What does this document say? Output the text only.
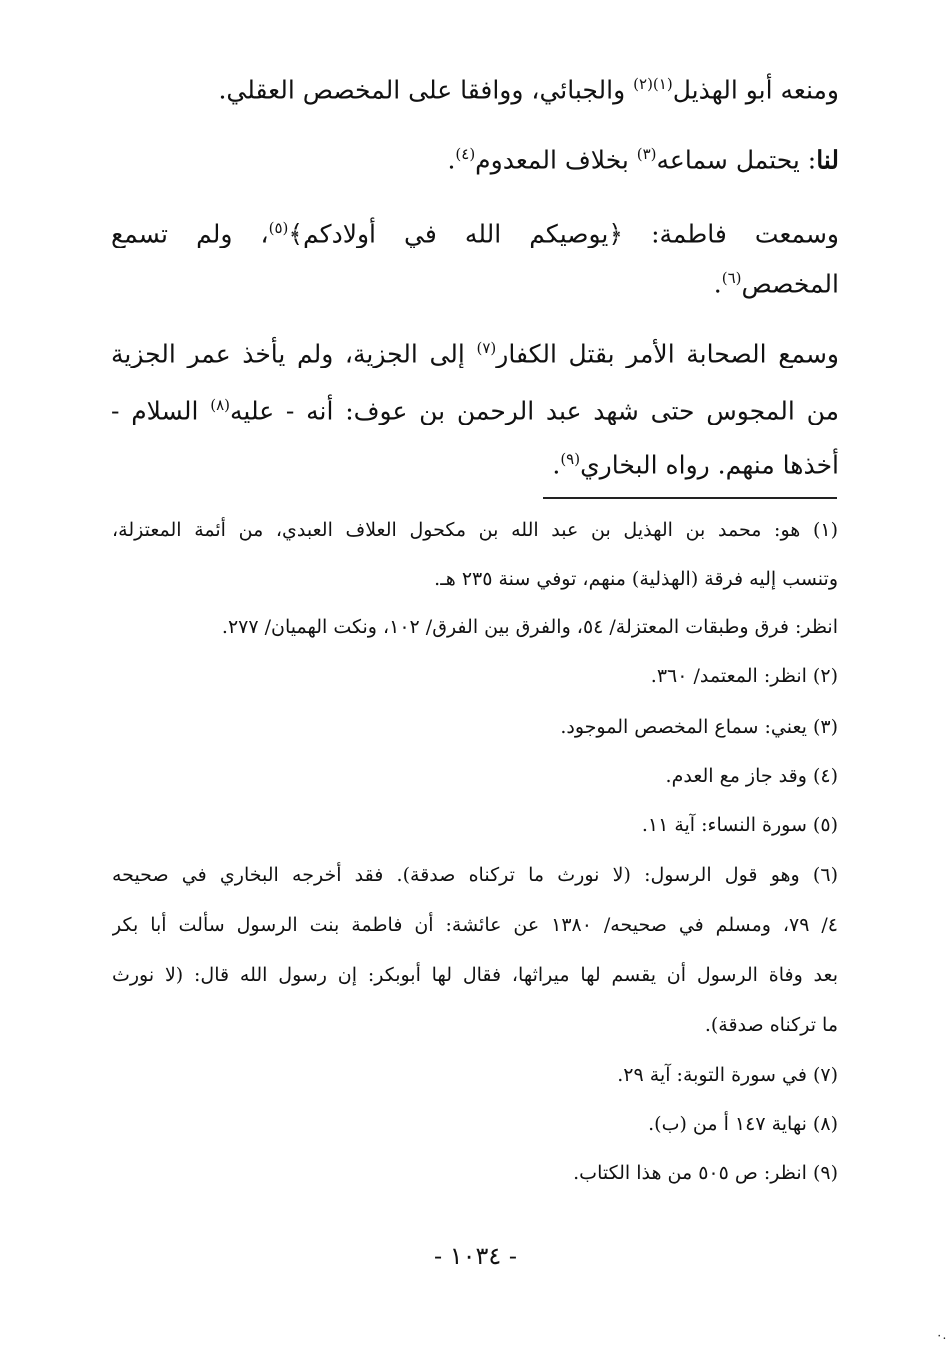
ومنعه أبو الهذيل$^{(١)(٢)}$ والجبائي، ووافقا على المخصص العقلي.
لنا: يحتمل سماعه$^{(٣)}$ بخلاف المعدوم$^{(٤)}$.
وسمعت فاطمة: ﴿يوصيكم الله في أولادكم﴾$^{(٥)}$، ولم تسمع
المخصص$^{(٦)}$.
وسمع الصحابة الأمر بقتل الكفار$^{(٧)}$ إلى الجزية، ولم يأخذ عمر الجزية
من المجوس حتى شهد عبد الرحمن بن عوف: أنه - عليه$^{(٨)}$ السلام -
أخذها منهم. رواه البخاري$^{(٩)}$.
(١) هو: محمد بن الهذيل بن عبد الله بن مكحول العلاف العبدي، من أئمة المعتزلة،
وتنسب إليه فرقة (الهذلية) منهم، توفي سنة ٢٣٥ هـ.
انظر: فرق وطبقات المعتزلة/ ٥٤، والفرق بين الفرق/ ١٠٢، ونكت الهميان/ ٢٧٧.
(٢) انظر: المعتمد/ ٣٦٠.
(٣) يعني: سماع المخصص الموجود.
(٤) وقد جاز مع العدم.
(٥) سورة النساء: آية ١١.
(٦) وهو قول الرسول: (لا نورث ما تركناه صدقة). فقد أخرجه البخاري في صحيحه
٤/ ٧٩، ومسلم في صحيحه/ ١٣٨٠ عن عائشة: أن فاطمة بنت الرسول سألت أبا بكر
بعد وفاة الرسول أن يقسم لها ميراثها، فقال لها أبوبكر: إن رسول الله قال: (لا نورث
ما تركناه صدقة).
(٧) في سورة التوبة: آية ٢٩.
(٨) نهاية ١٤٧ أ من (ب).
(٩) انظر: ص ٥٠٥ من هذا الكتاب.
- ١٠٣٤ -
٠.
